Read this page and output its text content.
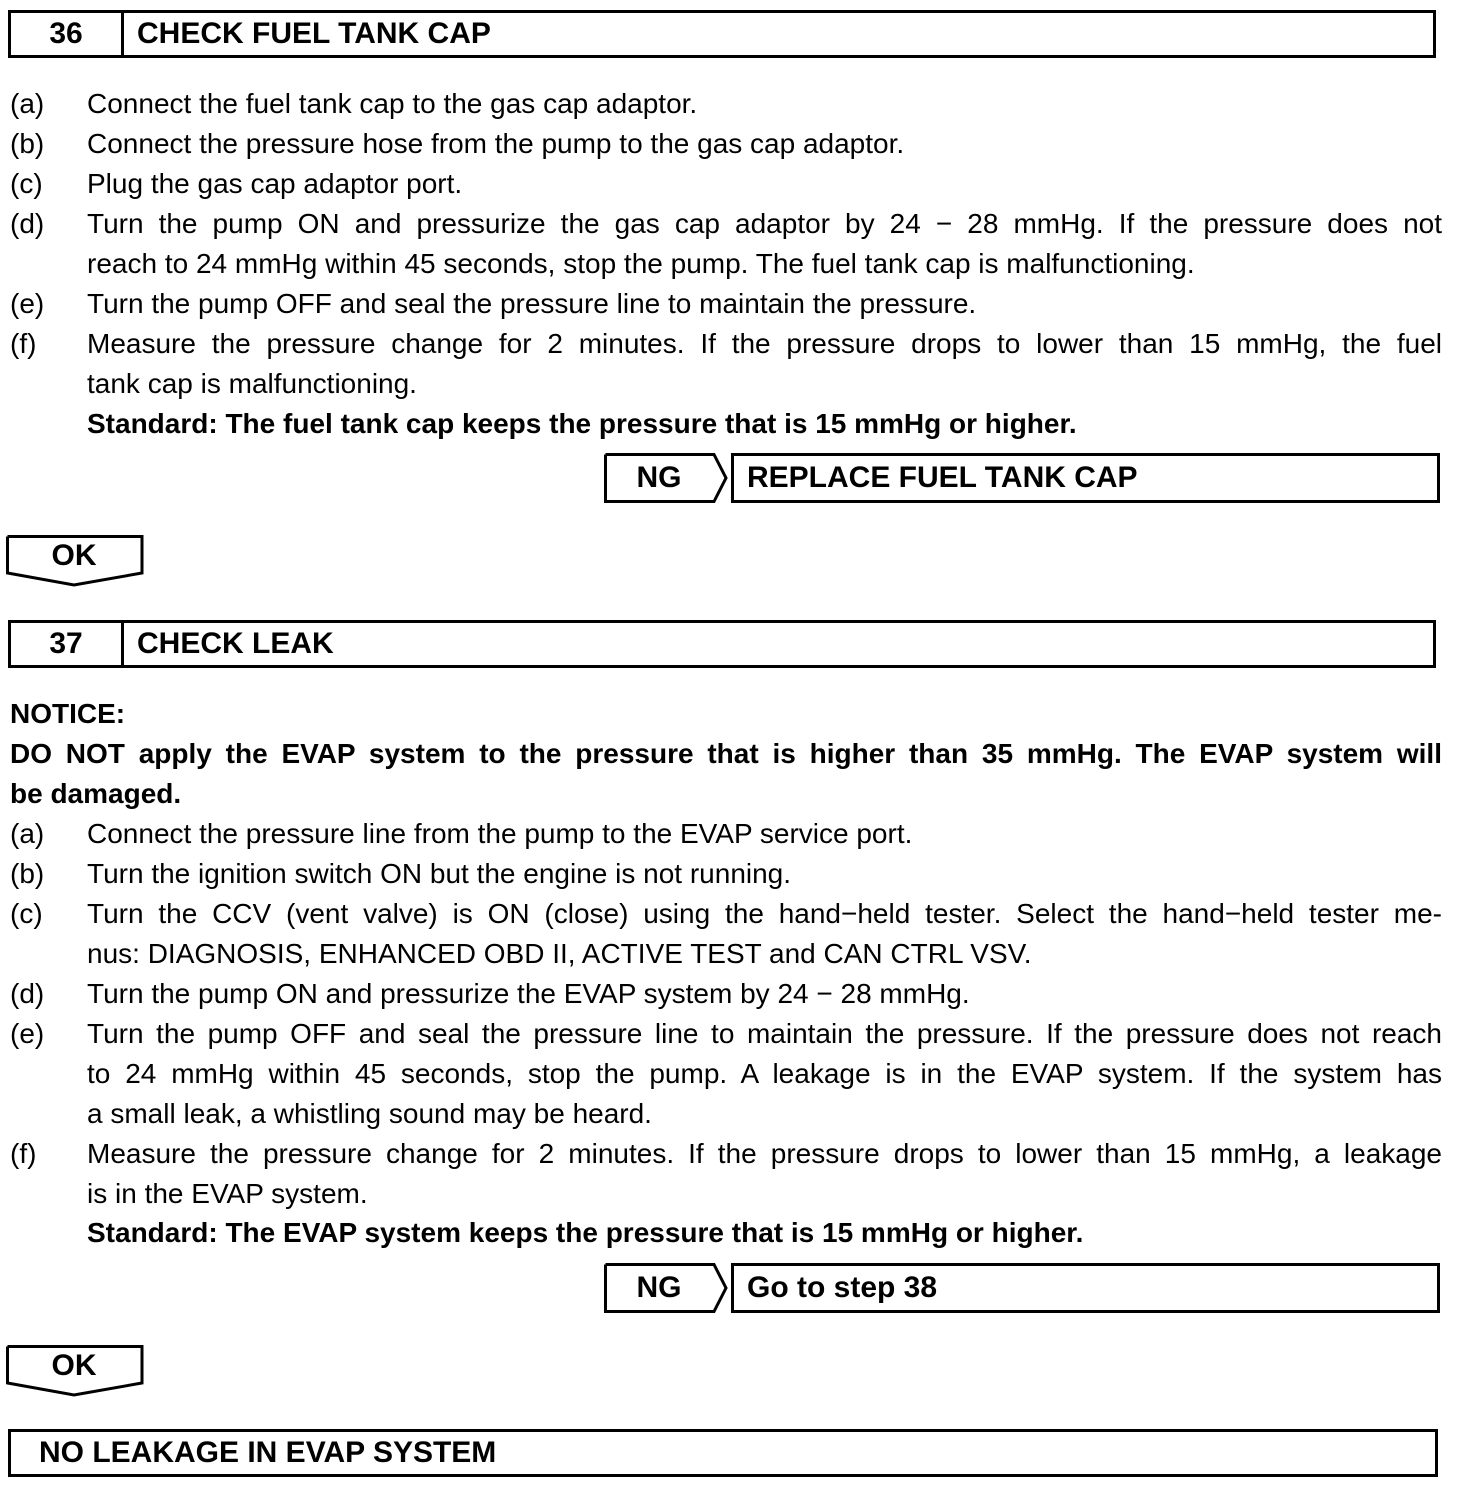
36	CHECK FUEL TANK CAP
(a) Connect the fuel tank cap to the gas cap adaptor.
(b) Connect the pressure hose from the pump to the gas cap adaptor.
(c) Plug the gas cap adaptor port.
(d) Turn the pump ON and pressurize the gas cap adaptor by 24 − 28 mmHg. If the pressure does not
reach to 24 mmHg within 45 seconds, stop the pump. The fuel tank cap is malfunctioning.
(e) Turn the pump OFF and seal the pressure line to maintain the pressure.
(f) Measure the pressure change for 2 minutes. If the pressure drops to lower than 15 mmHg, the fuel
tank cap is malfunctioning.
Standard: The fuel tank cap keeps the pressure that is 15 mmHg or higher.
NG	REPLACE FUEL TANK CAP
OK
37	CHECK LEAK
NOTICE:
DO NOT apply the EVAP system to the pressure that is higher than 35 mmHg. The EVAP system will
be damaged.
(a) Connect the pressure line from the pump to the EVAP service port.
(b) Turn the ignition switch ON but the engine is not running.
(c) Turn the CCV (vent valve) is ON (close) using the hand−held tester. Select the hand−held tester me-
nus: DIAGNOSIS, ENHANCED OBD II, ACTIVE TEST and CAN CTRL VSV.
(d) Turn the pump ON and pressurize the EVAP system by 24 − 28 mmHg.
(e) Turn the pump OFF and seal the pressure line to maintain the pressure. If the pressure does not reach
to 24 mmHg within 45 seconds, stop the pump. A leakage is in the EVAP system. If the system has
a small leak, a whistling sound may be heard.
(f) Measure the pressure change for 2 minutes. If the pressure drops to lower than 15 mmHg, a leakage
is in the EVAP system.
Standard: The EVAP system keeps the pressure that is 15 mmHg or higher.
NG	Go to step 38
OK
NO LEAKAGE IN EVAP SYSTEM
